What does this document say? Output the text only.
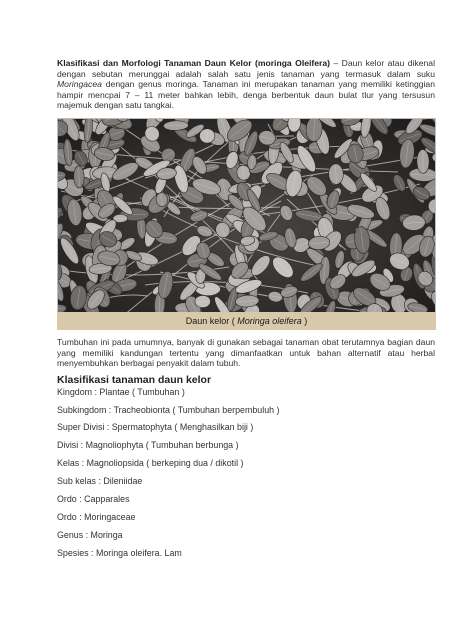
Klasifikasi dan Morfologi Tanaman Daun Kelor (moringa Oleifera) – Daun kelor atau dikenal dengan sebutan merunggai adalah salah satu jenis tanaman yang termasuk dalam suku Moringacea dengan genus moringa. Tanaman ini merupakan tanaman yang memiliki ketinggian hampir mencpai 7 – 11 meter bahkan lebih, denga berbentuk daun bulat tlur yang tersusun majemuk dengan satu tangkai.

Daun kelor ( Moringa oleifera )

Tumbuhan ini pada umumnya, banyak di gunakan sebagai tanaman obat terutamnya bagian daun yang memiliki kandungan tertentu yang dimanfaatkan untuk bahan alternatif atau herbal menyembuhkan berbagai penyakit dalam tubuh.

Klasifikasi tanaman daun kelor
Kingdom : Plantae ( Tumbuhan )
Subkingdom : Tracheobionta ( Tumbuhan berpembuluh )
Super Divisi : Spermatophyta ( Menghasilkan biji )
Divisi : Magnoliophyta ( Tumbuhan berbunga )
Kelas : Magnoliopsida ( berkeping dua / dikotil )
Sub kelas : Dileniidae
Ordo : Capparales
Ordo : Moringaceae
Genus : Moringa
Spesies : Moringa oleifera. Lam
